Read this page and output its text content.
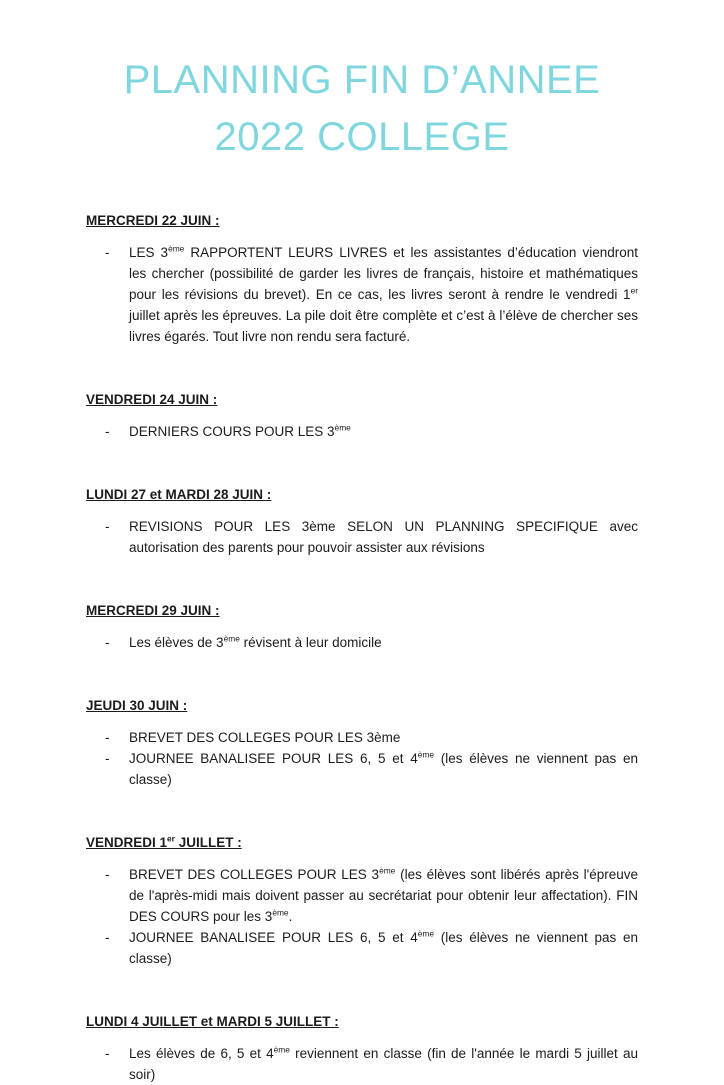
PLANNING FIN D’ANNEE
2022 COLLEGE
MERCREDI 22 JUIN :
-	LES 3ème RAPPORTENT LEURS LIVRES et les assistantes d’éducation viendront les chercher (possibilité de garder les livres de français, histoire et mathématiques pour les révisions du brevet). En ce cas, les livres seront à rendre le vendredi 1er juillet après les épreuves. La pile doit être complète et c’est à l’élève de chercher ses livres égarés. Tout livre non rendu sera facturé.
VENDREDI 24 JUIN :
-	DERNIERS COURS POUR LES 3ème
LUNDI 27 et MARDI 28 JUIN :
-	REVISIONS POUR LES 3ème SELON UN PLANNING SPECIFIQUE avec autorisation des parents pour pouvoir assister aux révisions
MERCREDI 29 JUIN :
-	Les élèves de 3ème révisent à leur domicile
JEUDI 30 JUIN :
-	BREVET DES COLLEGES POUR LES 3ème
-	JOURNEE BANALISEE POUR LES 6, 5 et 4ème (les élèves ne viennent pas en classe)
VENDREDI 1er JUILLET :
-	BREVET DES COLLEGES POUR LES 3ème (les élèves sont libérés après l'épreuve de l'après-midi mais doivent passer au secrétariat pour obtenir leur affectation). FIN DES COURS pour les 3ème.
-	JOURNEE BANALISEE POUR LES 6, 5 et 4ème (les élèves ne viennent pas en classe)
LUNDI 4 JUILLET et MARDI 5 JUILLET :
-	Les élèves de 6, 5 et 4ème reviennent en classe (fin de l'année le mardi 5 juillet au soir)
